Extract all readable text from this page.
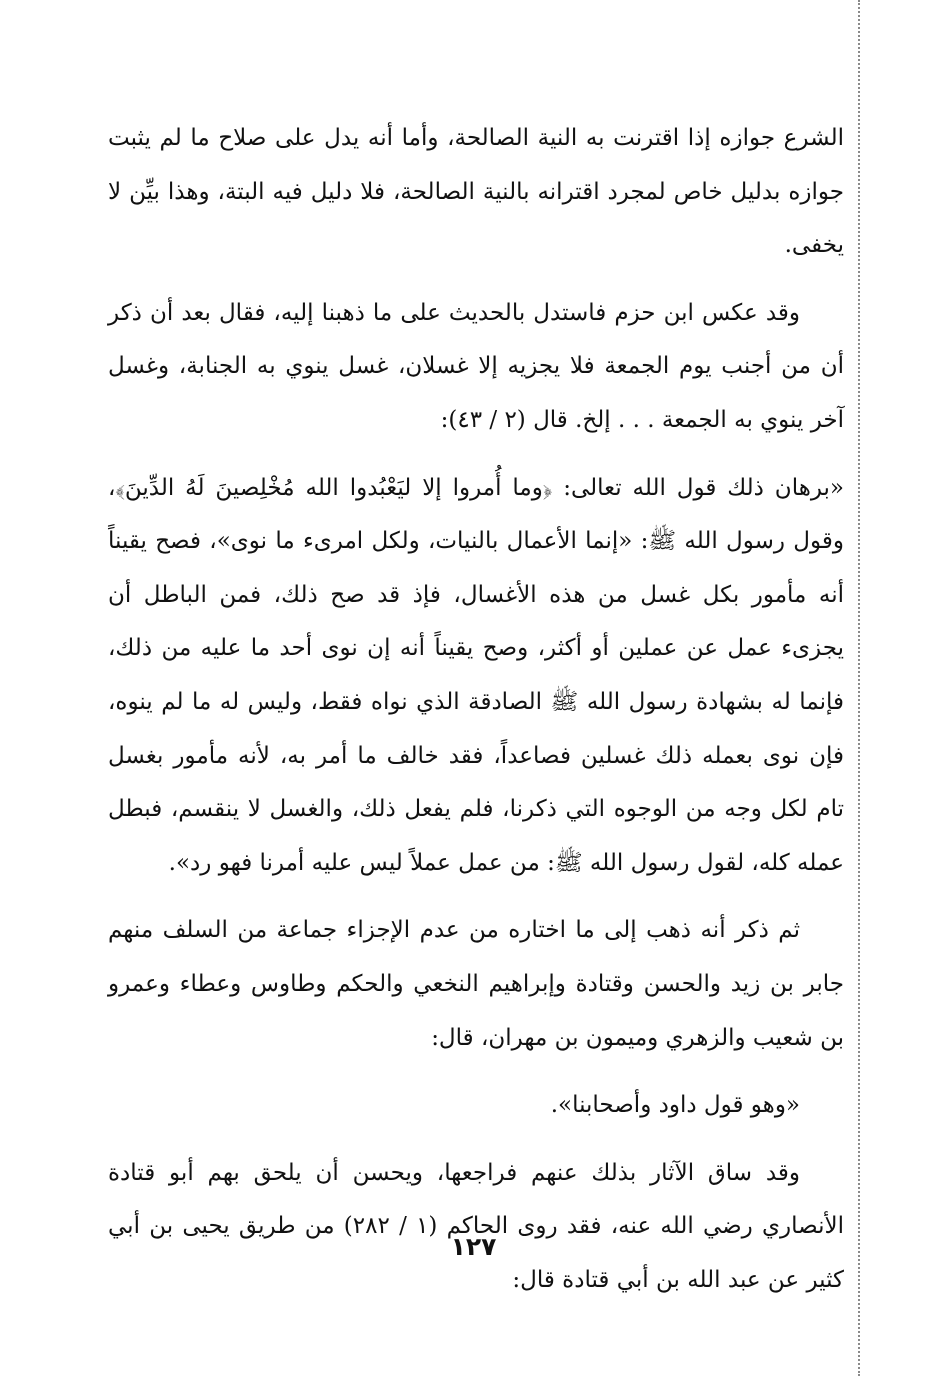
الشرع جوازه إذا اقترنت به النية الصالحة، وأما أنه يدل على صلاح ما لم يثبت جوازه بدليل خاص لمجرد اقترانه بالنية الصالحة، فلا دليل فيه البتة، وهذا بيِّن لا يخفى.

وقد عكس ابن حزم فاستدل بالحديث على ما ذهبنا إليه، فقال بعد أن ذكر أن من أجنب يوم الجمعة فلا يجزيه إلا غسلان، غسل ينوي به الجنابة، وغسل آخر ينوي به الجمعة . . . إلخ. قال (٢ / ٤٣):

«برهان ذلك قول الله تعالى: ﴿وما أُمروا إلا ليَعْبُدوا الله مُخْلِصينَ لَهُ الدِّينَ﴾، وقول رسول الله ﷺ: «إنما الأعمال بالنيات، ولكل امرىء ما نوى»، فصح يقيناً أنه مأمور بكل غسل من هذه الأغسال، فإذ قد صح ذلك، فمن الباطل أن يجزىء عمل عن عملين أو أكثر، وصح يقيناً أنه إن نوى أحد ما عليه من ذلك، فإنما له بشهادة رسول الله ﷺ الصادقة الذي نواه فقط، وليس له ما لم ينوه، فإن نوى بعمله ذلك غسلين فصاعداً، فقد خالف ما أمر به، لأنه مأمور بغسل تام لكل وجه من الوجوه التي ذكرنا، فلم يفعل ذلك، والغسل لا ينقسم، فبطل عمله كله، لقول رسول الله ﷺ: من عمل عملاً ليس عليه أمرنا فهو رد».

ثم ذكر أنه ذهب إلى ما اختاره من عدم الإجزاء جماعة من السلف منهم جابر بن زيد والحسن وقتادة وإبراهيم النخعي والحكم وطاوس وعطاء وعمرو بن شعيب والزهري وميمون بن مهران، قال:

«وهو قول داود وأصحابنا».

وقد ساق الآثار بذلك عنهم فراجعها، ويحسن أن يلحق بهم أبو قتادة الأنصاري رضي الله عنه، فقد روى الحاكم (١ / ٢٨٢) من طريق يحيى بن أبي كثير عن عبد الله بن أبي قتادة قال:

١٢٧
